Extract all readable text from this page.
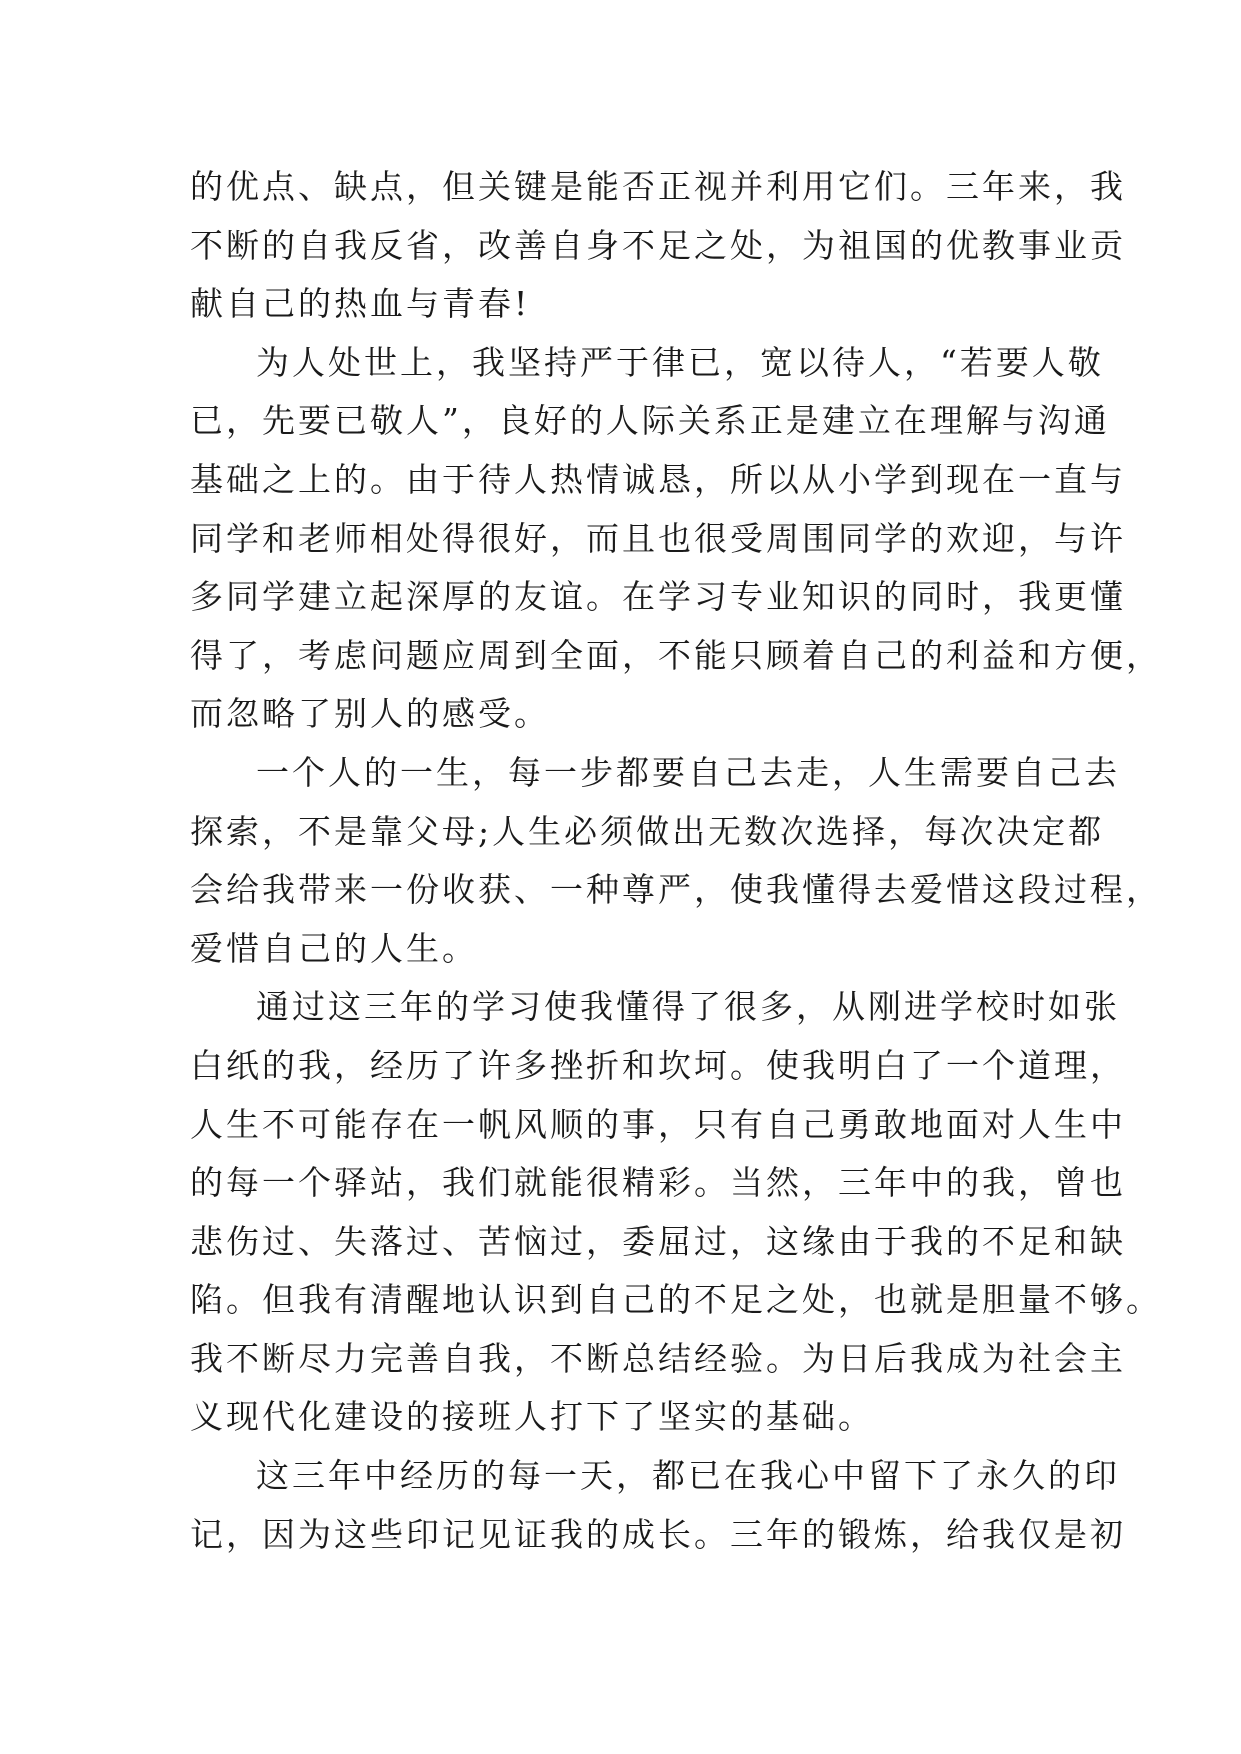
的优点、缺点，但关键是能否正视并利用它们。三年来，我
不断的自我反省，改善自身不足之处，为祖国的优教事业贡
献自己的热血与青春!
为人处世上，我坚持严于律已，宽以待人，“若要人敬
已，先要已敬人”，良好的人际关系正是建立在理解与沟通
基础之上的。由于待人热情诚恳，所以从小学到现在一直与
同学和老师相处得很好，而且也很受周围同学的欢迎，与许
多同学建立起深厚的友谊。在学习专业知识的同时，我更懂
得了，考虑问题应周到全面，不能只顾着自己的利益和方便，
而忽略了别人的感受。
一个人的一生，每一步都要自己去走，人生需要自己去
探索，不是靠父母;人生必须做出无数次选择，每次决定都
会给我带来一份收获、一种尊严，使我懂得去爱惜这段过程，
爱惜自己的人生。
通过这三年的学习使我懂得了很多，从刚进学校时如张
白纸的我，经历了许多挫折和坎坷。使我明白了一个道理，
人生不可能存在一帆风顺的事，只有自己勇敢地面对人生中
的每一个驿站，我们就能很精彩。当然，三年中的我，曾也
悲伤过、失落过、苦恼过，委屈过，这缘由于我的不足和缺
陷。但我有清醒地认识到自己的不足之处，也就是胆量不够。
我不断尽力完善自我，不断总结经验。为日后我成为社会主
义现代化建设的接班人打下了坚实的基础。
这三年中经历的每一天，都已在我心中留下了永久的印
记，因为这些印记见证我的成长。三年的锻炼，给我仅是初
